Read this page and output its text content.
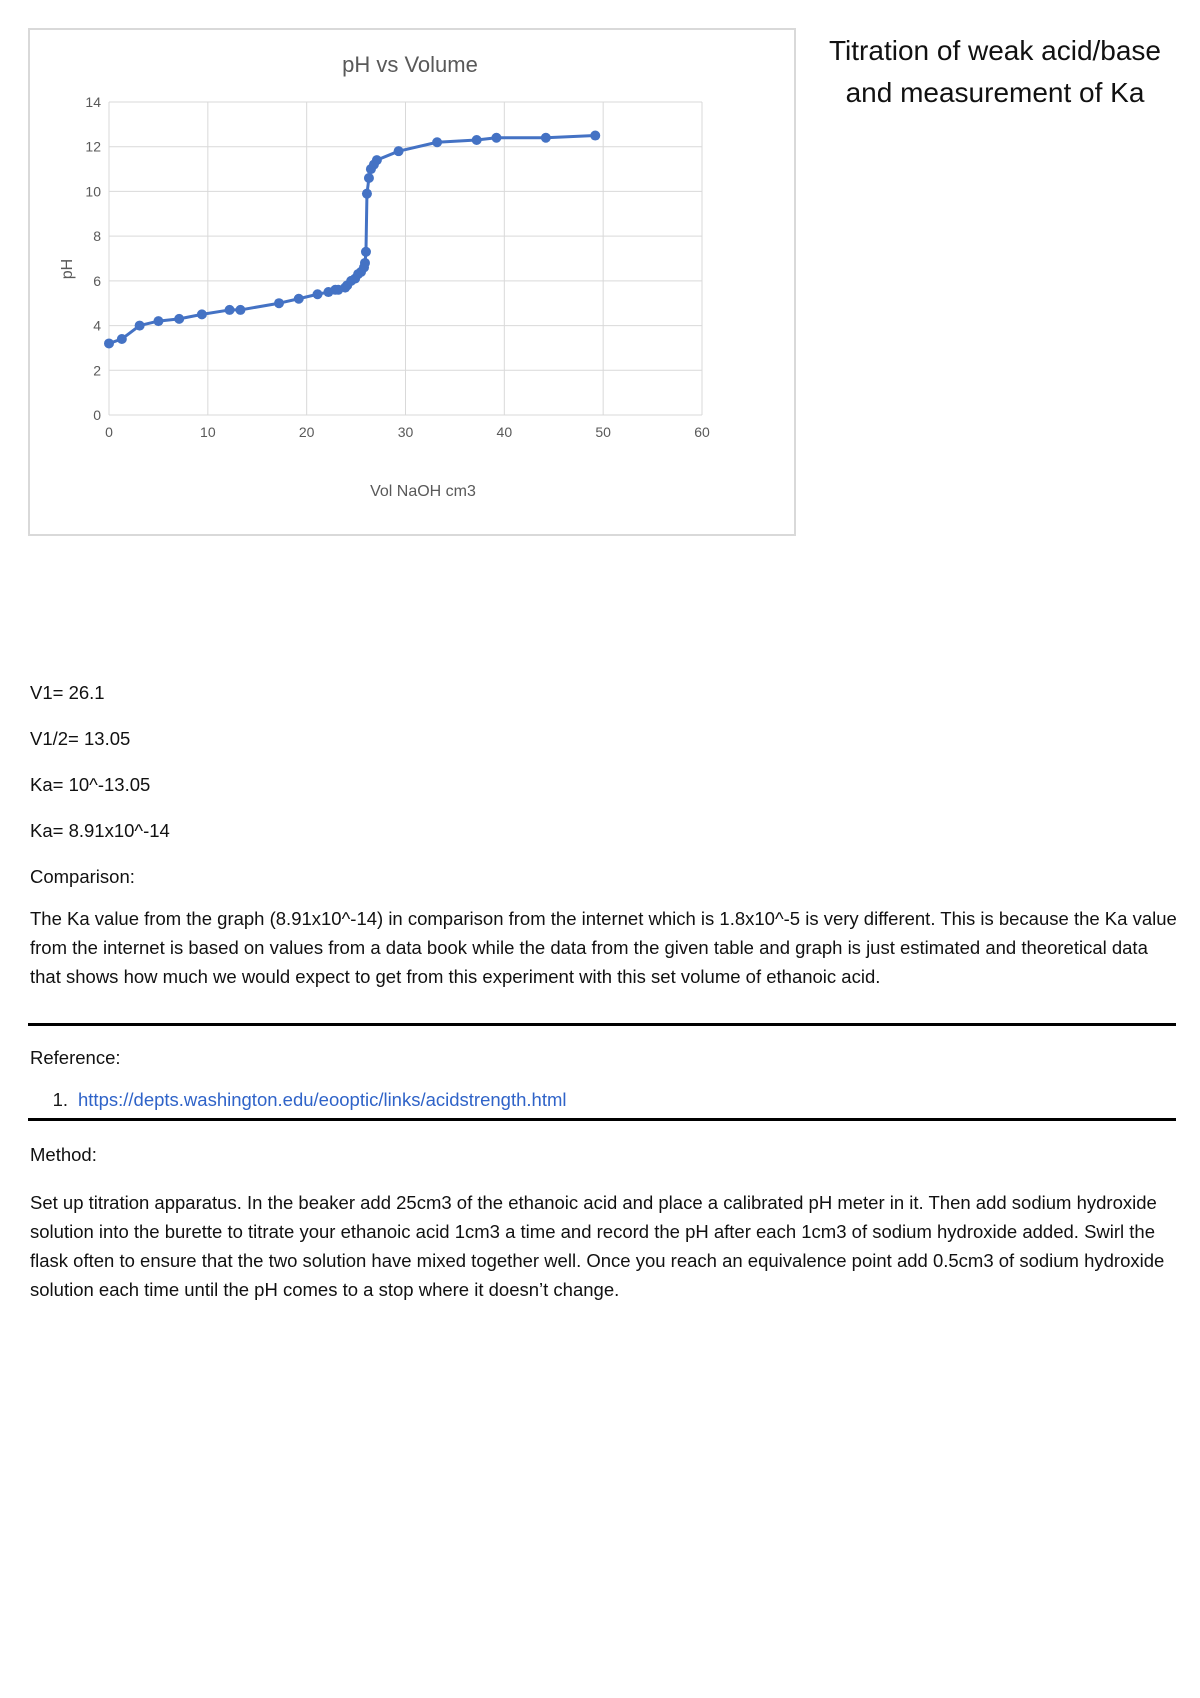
pH vs Volume
0	10	20	30	40	50	60
0
2
4
6
8
10
12
14
Vol NaOH cm3
pH
Titration of weak acid/base
and measurement of Ka
V1= 26.1
V1/2= 13.05
Ka= 10^-13.05
Ka= 8.91x10^-14
Comparison:
The Ka value from the graph (8.91x10^-14) in comparison from the internet which is 1.8x10^-5 is very different. This is because the Ka value from the internet is based on values from a data book while the data from the given table and graph is just estimated and theoretical data that shows how much we would expect to get from this experiment with this set volume of ethanoic acid.
Reference:
1. https://depts.washington.edu/eooptic/links/acidstrength.html
Method:
Set up titration apparatus. In the beaker add 25cm3 of the ethanoic acid and place a calibrated pH meter in it. Then add sodium hydroxide solution into the burette to titrate your ethanoic acid 1cm3 a time and record the pH after each 1cm3 of sodium hydroxide added. Swirl the flask often to ensure that the two solution have mixed together well. Once you reach an equivalence point add 0.5cm3 of sodium hydroxide solution each time until the pH comes to a stop where it doesn’t change.
